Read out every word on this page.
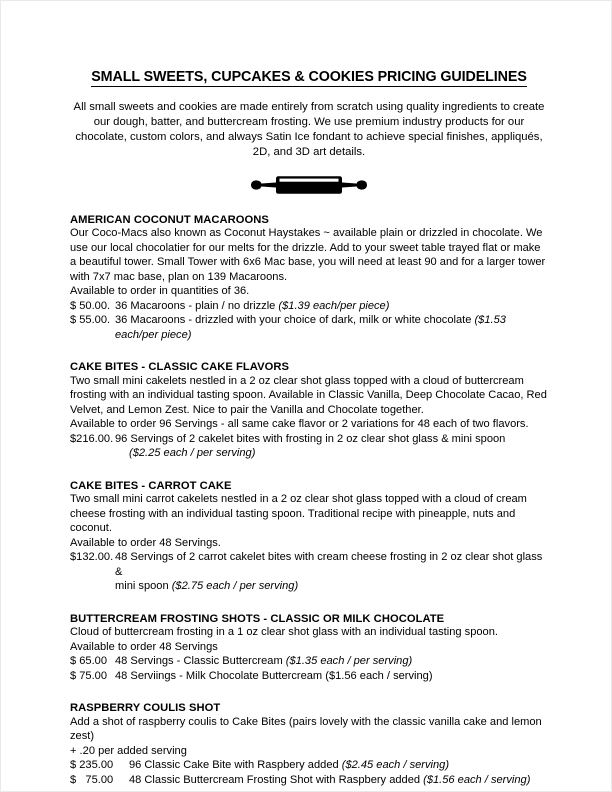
SMALL SWEETS, CUPCAKES & COOKIES PRICING GUIDELINES

All small sweets and cookies are made entirely from scratch using quality ingredients to create our dough, batter, and buttercream frosting. We use premium industry products for our chocolate, custom colors, and always Satin Ice fondant to achieve special finishes, appliqués, 2D, and 3D art details.

AMERICAN COCONUT MACAROONS

Our Coco-Macs also known as Coconut Haystakes ~ available plain or drizzled in chocolate. We use our local chocolatier for our melts for the drizzle. Add to your sweet table trayed flat or make a beautiful tower. Small Tower with 6x6 Mac base, you will need at least 90 and for a larger tower with 7x7 mac base, plan on 139 Macaroons.

Available to order in quantities of 36.

$ 50.00. 36 Macaroons - plain / no drizzle ($1.39 each/per piece)
$ 55.00. 36 Macaroons - drizzled with your choice of dark, milk or white chocolate ($1.53 each/per piece)
CAKE BITES - CLASSIC CAKE FLAVORS

Two small mini cakelets nestled in a 2 oz clear shot glass topped with a cloud of buttercream frosting with an individual tasting spoon. Available in Classic Vanilla, Deep Chocolate Cacao, Red Velvet, and Lemon Zest. Nice to pair the Vanilla and Chocolate together.

Available to order 96 Servings - all same cake flavor or 2 variations for 48 each of two flavors.

$216.00. 96 Servings of 2 cakelet bites with frosting in 2 oz clear shot glass & mini spoon
($2.25 each / per serving)
CAKE BITES - CARROT CAKE

Two small mini carrot cakelets nestled in a 2 oz clear shot glass topped with a cloud of cream cheese frosting with an individual tasting spoon. Traditional recipe with pineapple, nuts and coconut.

Available to order 48 Servings.

$132.00. 48 Servings of 2 carrot cakelet bites with cream cheese frosting in 2 oz clear shot glass &
mini spoon ($2.75 each / per serving)
BUTTERCREAM FROSTING SHOTS - CLASSIC OR MILK CHOCOLATE

Cloud of buttercream frosting in a 1 oz clear shot glass with an individual tasting spoon.

Available to order 48 Servings

$ 65.00 48 Servings - Classic Buttercream ($1.35 each / per serving)
$ 75.00 48 Serviings - Milk Chocolate Buttercream ($1.56 each / serving)
RASPBERRY COULIS SHOT

Add a shot of raspberry coulis to Cake Bites (pairs lovely with the classic vanilla cake and lemon zest)

+ .20 per added serving

$ 235.00	96 Classic Cake Bite with Raspbery added ($2.45 each / serving)
$   75.00	48 Classic Buttercream Frosting Shot with Raspbery added ($1.56 each / serving)
